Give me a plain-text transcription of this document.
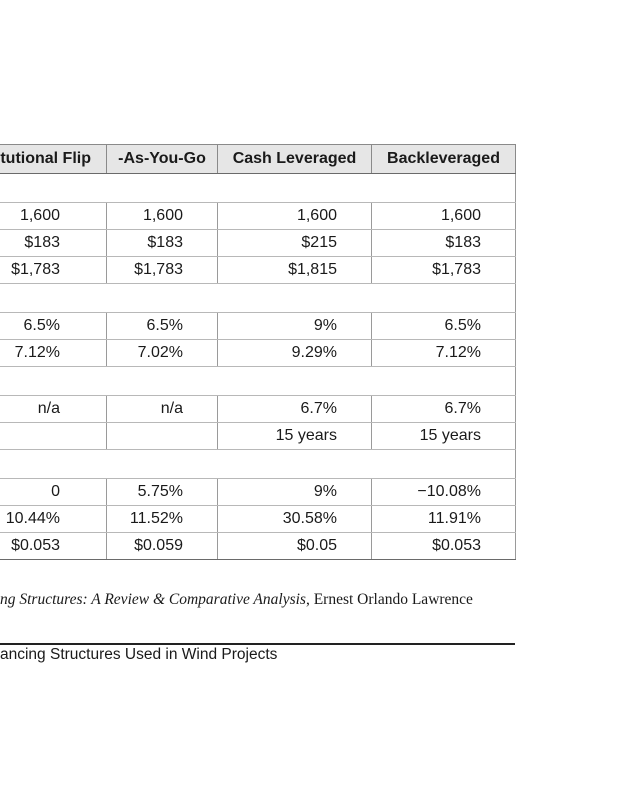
tutional Flip	-As-You-Go	Cash Leveraged	Backleveraged

1,600	1,600	1,600	1,600
$183	$183	$215	$183
$1,783	$1,783	$1,815	$1,783

6.5%	6.5%	9%	6.5%
7.12%	7.02%	9.29%	7.12%

n/a	n/a	6.7%	6.7%
		15 years	15 years

0	5.75%	9%	−10.08%
10.44%	11.52%	30.58%	11.91%
$0.053	$0.059	$0.05	$0.053
ng Structures: A Review & Comparative Analysis, Ernest Orlando Lawrence
ancing Structures Used in Wind Projects
